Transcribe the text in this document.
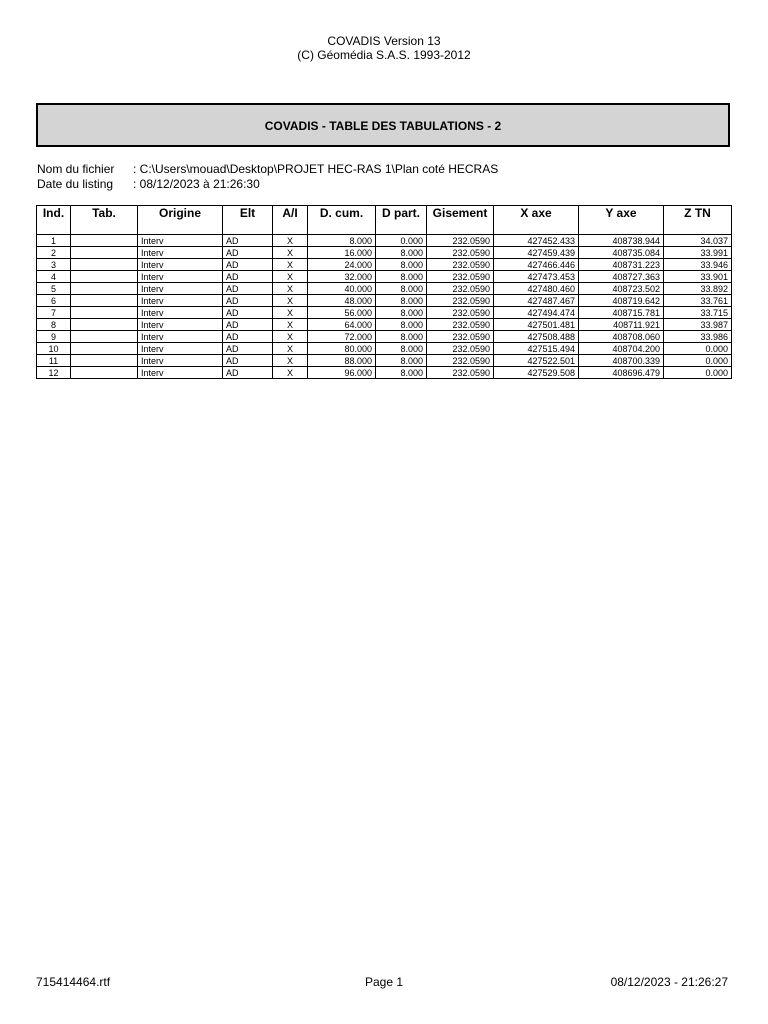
COVADIS Version 13
(C) Géomédia S.A.S. 1993-2012
COVADIS - TABLE DES TABULATIONS - 2
Nom du fichier	: C:\Users\mouad\Desktop\PROJET HEC-RAS 1\Plan coté HECRAS
Date du listing	: 08/12/2023 à 21:26:30
Ind.	Tab.	Origine	Elt	A/I	D. cum.	D part.	Gisement	X axe	Y axe	Z TN
1		Interv	AD	X	8.000	0.000	232.0590	427452.433	408738.944	34.037
2		Interv	AD	X	16.000	8.000	232.0590	427459.439	408735.084	33.991
3		Interv	AD	X	24.000	8.000	232.0590	427466.446	408731.223	33.946
4		Interv	AD	X	32.000	8.000	232.0590	427473.453	408727.363	33.901
5		Interv	AD	X	40.000	8.000	232.0590	427480.460	408723.502	33.892
6		Interv	AD	X	48.000	8.000	232.0590	427487.467	408719.642	33.761
7		Interv	AD	X	56.000	8.000	232.0590	427494.474	408715.781	33.715
8		Interv	AD	X	64.000	8.000	232.0590	427501.481	408711.921	33.987
9		Interv	AD	X	72.000	8.000	232.0590	427508.488	408708.060	33.986
10		Interv	AD	X	80.000	8.000	232.0590	427515.494	408704.200	0.000
11		Interv	AD	X	88.000	8.000	232.0590	427522.501	408700.339	0.000
12		Interv	AD	X	96.000	8.000	232.0590	427529.508	408696.479	0.000
715414464.rtf	Page 1	08/12/2023 - 21:26:27
